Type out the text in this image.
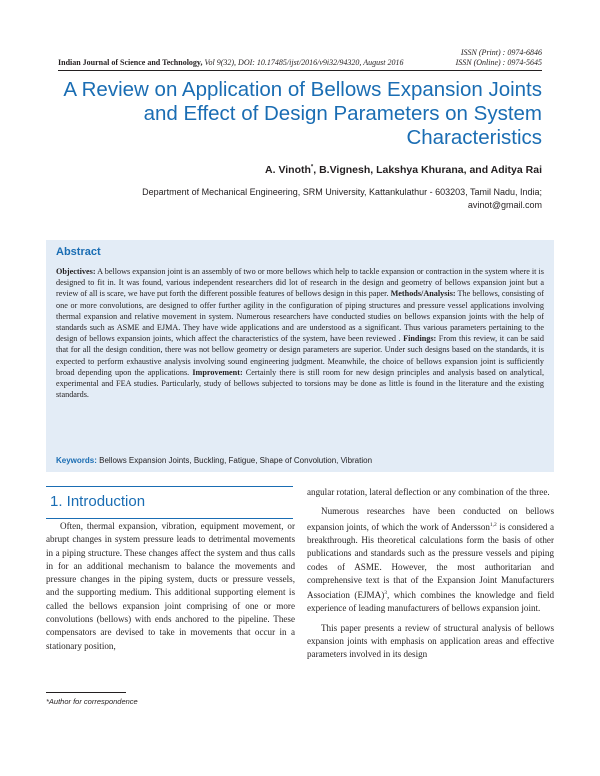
ISSN (Print) : 0974-6846
ISSN (Online) : 0974-5645
Indian Journal of Science and Technology, Vol 9(32), DOI: 10.17485/ijst/2016/v9i32/94320, August 2016
A Review on Application of Bellows Expansion Joints and Effect of Design Parameters on System Characteristics
A. Vinoth*, B.Vignesh, Lakshya Khurana, and Aditya Rai
Department of Mechanical Engineering, SRM University, Kattankulathur - 603203, Tamil Nadu, India; avinot@gmail.com
Abstract

Objectives: A bellows expansion joint is an assembly of two or more bellows which help to tackle expansion or contraction in the system where it is designed to fit in. It was found, various independent researchers did lot of research in the design and geometry of bellows expansion joint but a review of all is scare, we have put forth the different possible features of bellows design in this paper. Methods/Analysis: The bellows, consisting of one or more convolutions, are designed to offer further agility in the configuration of piping structures and pressure vessel applications involving thermal expansion and relative movement in system. Numerous researchers have conducted studies on bellows expansion joints with the help of standards such as ASME and EJMA. They have wide applications and are understood as a significant. Thus various parameters pertaining to the design of bellows expansion joints, which affect the characteristics of the system, have been reviewed . Findings: From this review, it can be said that for all the design condition, there was not bellow geometry or design parameters are superior. Under such designs based on the standards, it is expected to perform exhaustive analysis involving sound engineering judgment. Meanwhile, the choice of bellows expansion joint is sufficiently broad depending upon the applications. Improvement: Certainly there is still room for new design principles and analysis based on analytical, experimental and FEA studies. Particularly, study of bellows subjected to torsions may be done as little is found in the literature and the existing standards.

Keywords: Bellows Expansion Joints, Buckling, Fatigue, Shape of Convolution, Vibration
1. Introduction

Often, thermal expansion, vibration, equipment movement, or abrupt changes in system pressure leads to detrimental movements in a piping structure. These changes affect the system and thus calls in for an additional mechanism to balance the movements and pressure changes in the piping system, ducts or pressure vessels, and the supporting medium. This additional supporting element is called the bellows expansion joint comprising of one or more convolutions (bellows) with ends anchored to the pipeline. These compensators are devised to take in movements that occur in a stationary position,

angular rotation, lateral deflection or any combination of the three.

Numerous researches have been conducted on bellows expansion joints, of which the work of Andersson$^{1,2}$ is considered a breakthrough. His theoretical calculations form the basis of other publications and standards such as the pressure vessels and piping codes of ASME. However, the most authoritarian and comprehensive text is that of the Expansion Joint Manufacturers Association (EJMA)$^3$, which combines the knowledge and field experience of leading manufacturers of bellows expansion joint.

This paper presents a review of structural analysis of bellows expansion joints with emphasis on application areas and effective parameters involved in its design

*Author for correspondence
